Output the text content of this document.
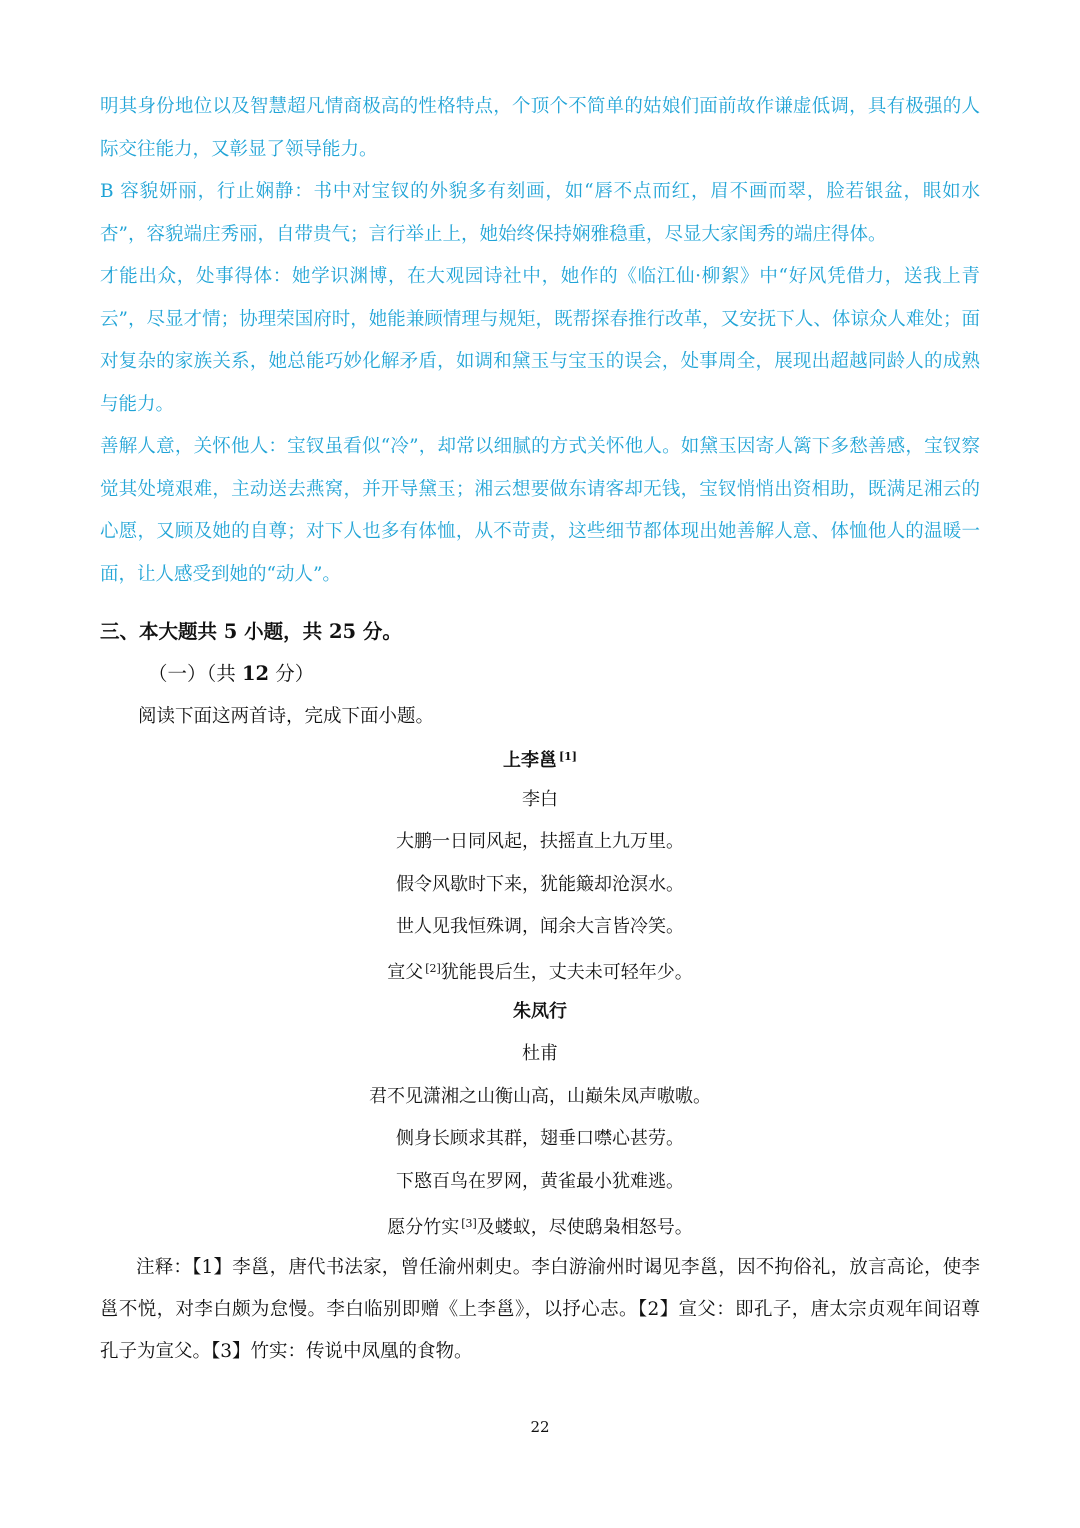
明其身份地位以及智慧超凡情商极高的性格特点，个顶个不简单的姑娘们面前故作谦虚低调，具有极强的人际交往能力，又彰显了领导能力。

B 容貌妍丽，行止娴静：书中对宝钗的外貌多有刻画，如“唇不点而红，眉不画而翠，脸若银盆，眼如水杏”，容貌端庄秀丽，自带贵气；言行举止上，她始终保持娴雅稳重，尽显大家闺秀的端庄得体。

才能出众，处事得体：她学识渊博，在大观园诗社中，她作的《临江仙·柳絮》中“好风凭借力，送我上青云”，尽显才情；协理荣国府时，她能兼顾情理与规矩，既帮探春推行改革，又安抚下人、体谅众人难处；面对复杂的家族关系，她总能巧妙化解矛盾，如调和黛玉与宝玉的误会，处事周全，展现出超越同龄人的成熟与能力。

善解人意，关怀他人：宝钗虽看似“冷”，却常以细腻的方式关怀他人。如黛玉因寄人篱下多愁善感，宝钗察觉其处境艰难，主动送去燕窝，并开导黛玉；湘云想要做东请客却无钱，宝钗悄悄出资相助，既满足湘云的心愿，又顾及她的自尊；对下人也多有体恤，从不苛责，这些细节都体现出她善解人意、体恤他人的温暖一面，让人感受到她的“动人”。

三、本大题共 5 小题，共 25 分。
（一）（共 12 分）
阅读下面这两首诗，完成下面小题。
上李邕 [1]
李白
大鹏一日同风起，扶摇直上九万里。
假令风歇时下来，犹能簸却沧溟水。
世人见我恒殊调，闻余大言皆冷笑。
宣父 [2]犹能畏后生，丈夫未可轻年少。
朱凤行
杜甫
君不见潇湘之山衡山高，山巅朱凤声嗷嗷。
侧身长顾求其群，翅垂口噤心甚劳。
下愍百鸟在罗网，黄雀最小犹难逃。
愿分竹实 [3]及蝼蚁，尽使鸱枭相怒号。

注释：【1】李邕，唐代书法家，曾任渝州刺史。李白游渝州时谒见李邕，因不拘俗礼，放言高论，使李邕不悦，对李白颇为怠慢。李白临别即赠《上李邕》，以抒心志。【2】宣父：即孔子，唐太宗贞观年间诏尊孔子为宣父。【3】竹实：传说中凤凰的食物。

22
